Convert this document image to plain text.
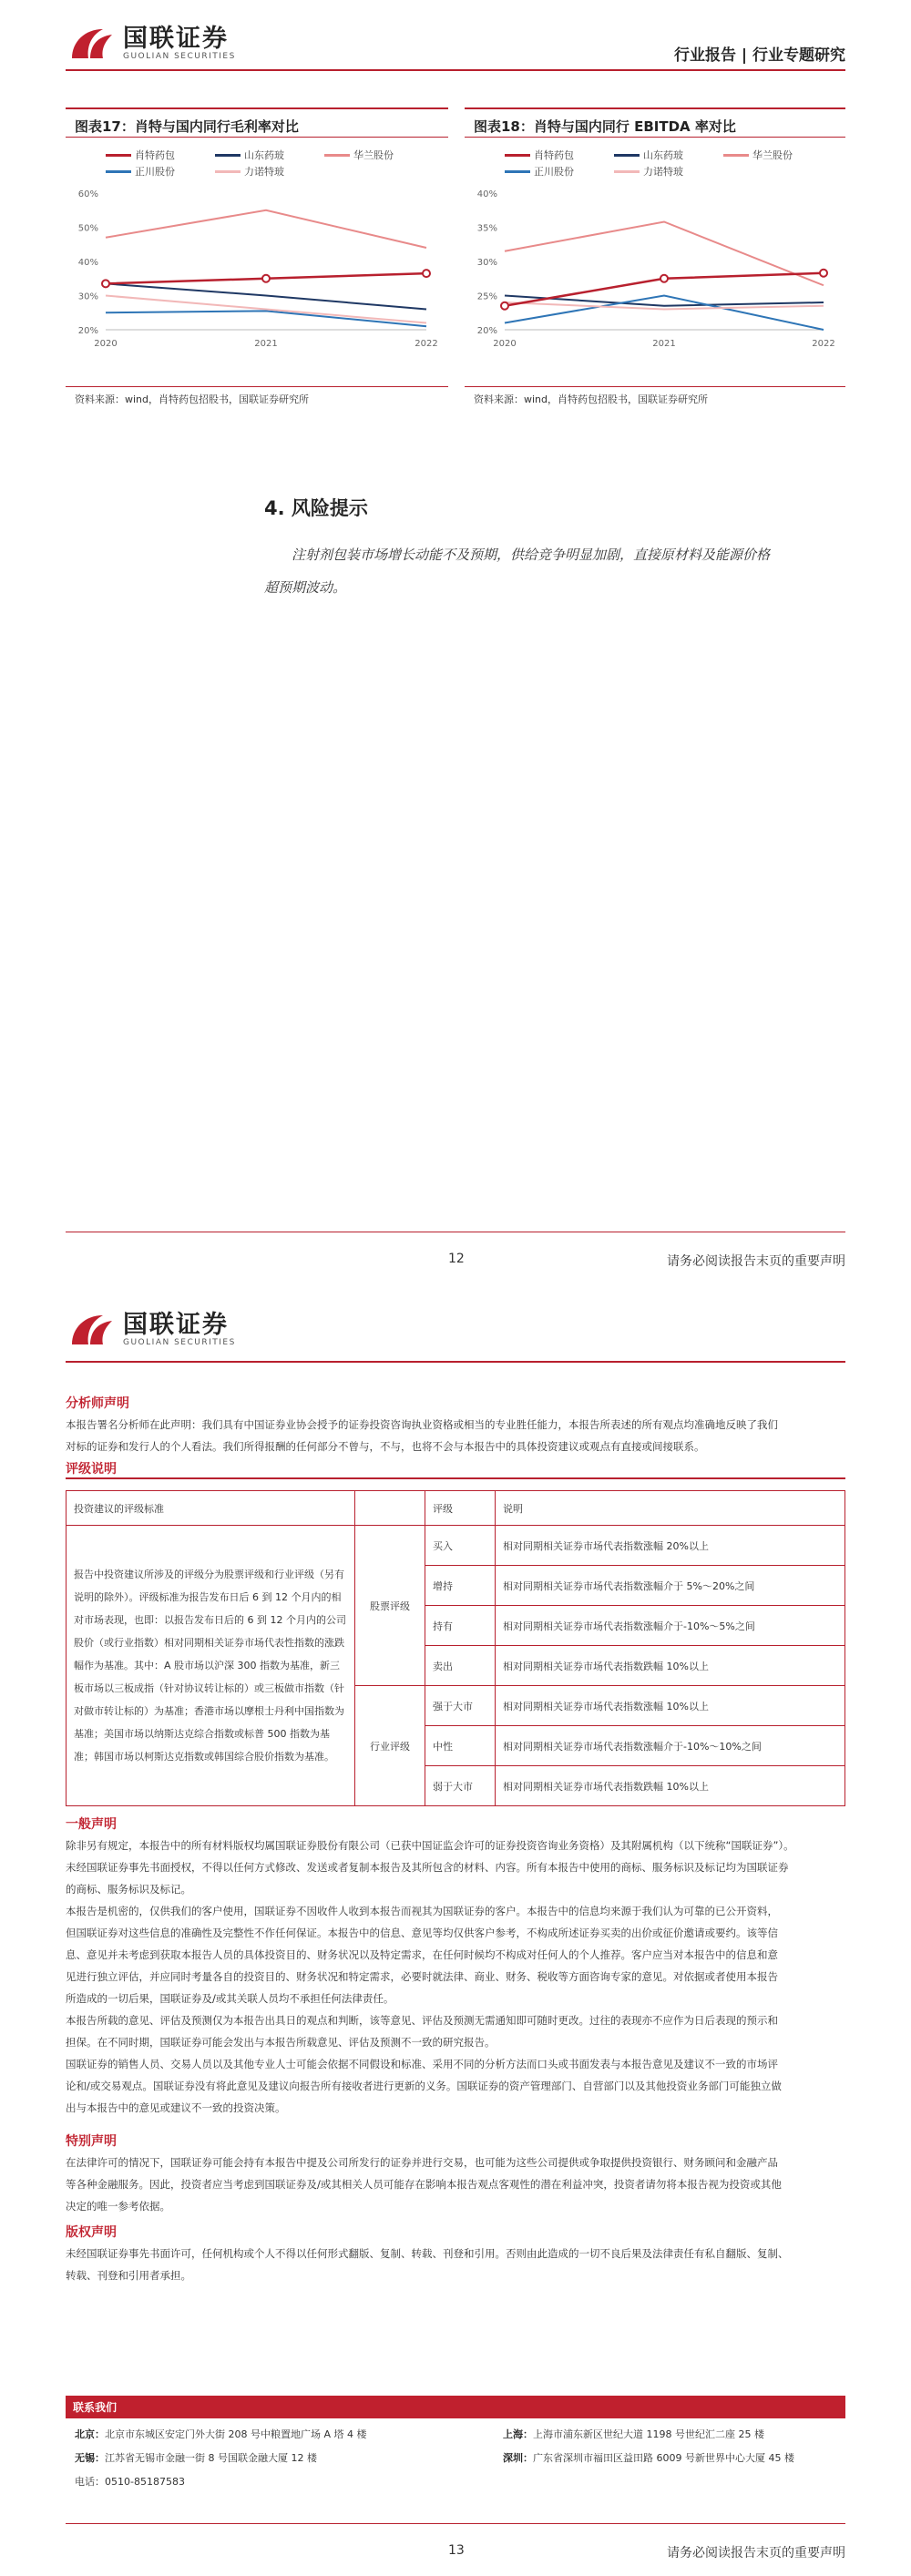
国联证券
GUOLIAN SECURITIES	行业报告 | 行业专题研究
图表17：肖特与国内同行毛利率对比
肖特药包	山东药玻	华兰股份
正川股份	力诺特玻
20%
30%
40%
50%
60%
2020	2021	2022
资料来源：wind，肖特药包招股书，国联证券研究所
图表18：肖特与国内同行 EBITDA 率对比
肖特药包	山东药玻	华兰股份
正川股份	力诺特玻
20%
25%
30%
35%
40%
2020	2021	2022
资料来源：wind，肖特药包招股书，国联证券研究所
4. 风险提示
注射剂包装市场增长动能不及预期，供给竞争明显加剧，直接原材料及能源价格
超预期波动。
12	请务必阅读报告末页的重要声明
国联证券
GUOLIAN SECURITIES
分析师声明
本报告署名分析师在此声明：我们具有中国证券业协会授予的证券投资咨询执业资格或相当的专业胜任能力，本报告所表述的所有观点均准确地反映了我们
对标的证券和发行人的个人看法。我们所得报酬的任何部分不曾与，不与，也将不会与本报告中的具体投资建议或观点有直接或间接联系。
评级说明
投资建议的评级标准		评级	说明
报告中投资建议所涉及的评级分为股票评级和行业评级（另有说明的除外）。评级标准为报告发布日后 6 到 12 个月内的相对市场表现，也即：以报告发布日后的 6 到 12 个月内的公司股价（或行业指数）相对同期相关证券市场代表性指数的涨跌幅作为基准。其中：A 股市场以沪深 300 指数为基准，新三板市场以三板成指（针对协议转让标的）或三板做市指数（针对做市转让标的）为基准；香港市场以摩根士丹利中国指数为基准；美国市场以纳斯达克综合指数或标普 500 指数为基准；韩国市场以柯斯达克指数或韩国综合股价指数为基准。	股票评级	买入	相对同期相关证券市场代表指数涨幅 20%以上
		增持	相对同期相关证券市场代表指数涨幅介于 5%～20%之间
		持有	相对同期相关证券市场代表指数涨幅介于-10%～5%之间
		卖出	相对同期相关证券市场代表指数跌幅 10%以上
	行业评级	强于大市	相对同期相关证券市场代表指数涨幅 10%以上
		中性	相对同期相关证券市场代表指数涨幅介于-10%～10%之间
		弱于大市	相对同期相关证券市场代表指数跌幅 10%以上
一般声明
除非另有规定，本报告中的所有材料版权均属国联证券股份有限公司（已获中国证监会许可的证券投资咨询业务资格）及其附属机构（以下统称“国联证券”）。
未经国联证券事先书面授权，不得以任何方式修改、发送或者复制本报告及其所包含的材料、内容。所有本报告中使用的商标、服务标识及标记均为国联证券
的商标、服务标识及标记。
本报告是机密的，仅供我们的客户使用，国联证券不因收件人收到本报告而视其为国联证券的客户。本报告中的信息均来源于我们认为可靠的已公开资料，
但国联证券对这些信息的准确性及完整性不作任何保证。本报告中的信息、意见等均仅供客户参考，不构成所述证券买卖的出价或征价邀请或要约。该等信
息、意见并未考虑到获取本报告人员的具体投资目的、财务状况以及特定需求，在任何时候均不构成对任何人的个人推荐。客户应当对本报告中的信息和意
见进行独立评估，并应同时考量各自的投资目的、财务状况和特定需求，必要时就法律、商业、财务、税收等方面咨询专家的意见。对依据或者使用本报告
所造成的一切后果，国联证券及/或其关联人员均不承担任何法律责任。
本报告所载的意见、评估及预测仅为本报告出具日的观点和判断，该等意见、评估及预测无需通知即可随时更改。过往的表现亦不应作为日后表现的预示和
担保。在不同时期，国联证券可能会发出与本报告所载意见、评估及预测不一致的研究报告。
国联证券的销售人员、交易人员以及其他专业人士可能会依据不同假设和标准、采用不同的分析方法而口头或书面发表与本报告意见及建议不一致的市场评
论和/或交易观点。国联证券没有将此意见及建议向报告所有接收者进行更新的义务。国联证券的资产管理部门、自营部门以及其他投资业务部门可能独立做
出与本报告中的意见或建议不一致的投资决策。
特别声明
在法律许可的情况下，国联证券可能会持有本报告中提及公司所发行的证券并进行交易，也可能为这些公司提供或争取提供投资银行、财务顾问和金融产品
等各种金融服务。因此，投资者应当考虑到国联证券及/或其相关人员可能存在影响本报告观点客观性的潜在利益冲突，投资者请勿将本报告视为投资或其他
决定的唯一参考依据。
版权声明
未经国联证券事先书面许可，任何机构或个人不得以任何形式翻版、复制、转载、刊登和引用。否则由此造成的一切不良后果及法律责任有私自翻版、复制、
转载、刊登和引用者承担。
联系我们
北京：北京市东城区安定门外大街 208 号中粮置地广场 A 塔 4 楼	上海：上海市浦东新区世纪大道 1198 号世纪汇二座 25 楼
无锡：江苏省无锡市金融一街 8 号国联金融大厦 12 楼	深圳：广东省深圳市福田区益田路 6009 号新世界中心大厦 45 楼
电话：0510-85187583
13	请务必阅读报告末页的重要声明
